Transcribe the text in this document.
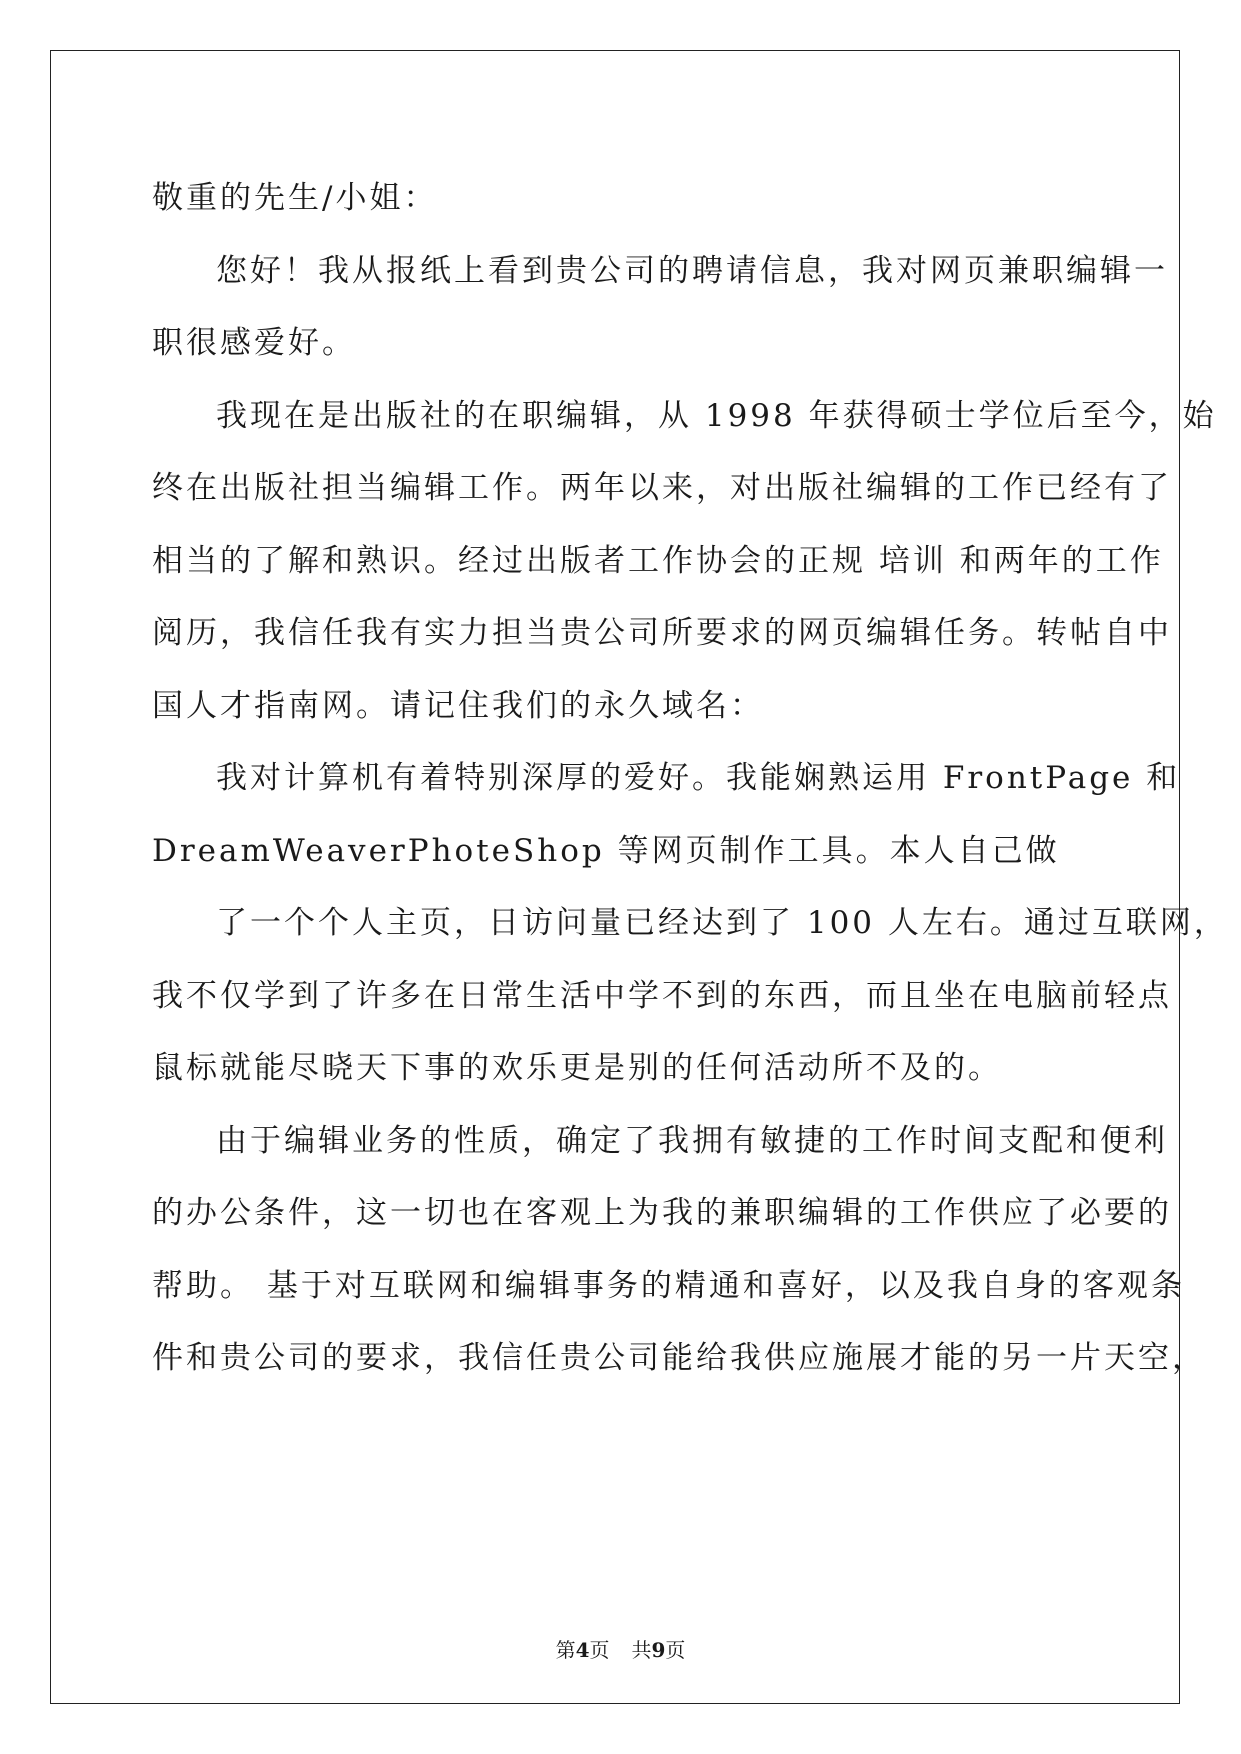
敬重的先生/小姐：
您好！我从报纸上看到贵公司的聘请信息，我对网页兼职编辑一
职很感爱好。
我现在是出版社的在职编辑，从 1998 年获得硕士学位后至今，始
终在出版社担当编辑工作。两年以来，对出版社编辑的工作已经有了
相当的了解和熟识。经过出版者工作协会的正规 培训 和两年的工作
阅历，我信任我有实力担当贵公司所要求的网页编辑任务。转帖自中
国人才指南网。请记住我们的永久域名：
我对计算机有着特别深厚的爱好。我能娴熟运用 FrontPage 和
DreamWeaverPhoteShop 等网页制作工具。本人自己做
了一个个人主页，日访问量已经达到了 100 人左右。通过互联网，
我不仅学到了许多在日常生活中学不到的东西，而且坐在电脑前轻点
鼠标就能尽晓天下事的欢乐更是别的任何活动所不及的。
由于编辑业务的性质，确定了我拥有敏捷的工作时间支配和便利
的办公条件，这一切也在客观上为我的兼职编辑的工作供应了必要的
帮助。 基于对互联网和编辑事务的精通和喜好，以及我自身的客观条
件和贵公司的要求，我信任贵公司能给我供应施展才能的另一片天空，
第4页 共9页
